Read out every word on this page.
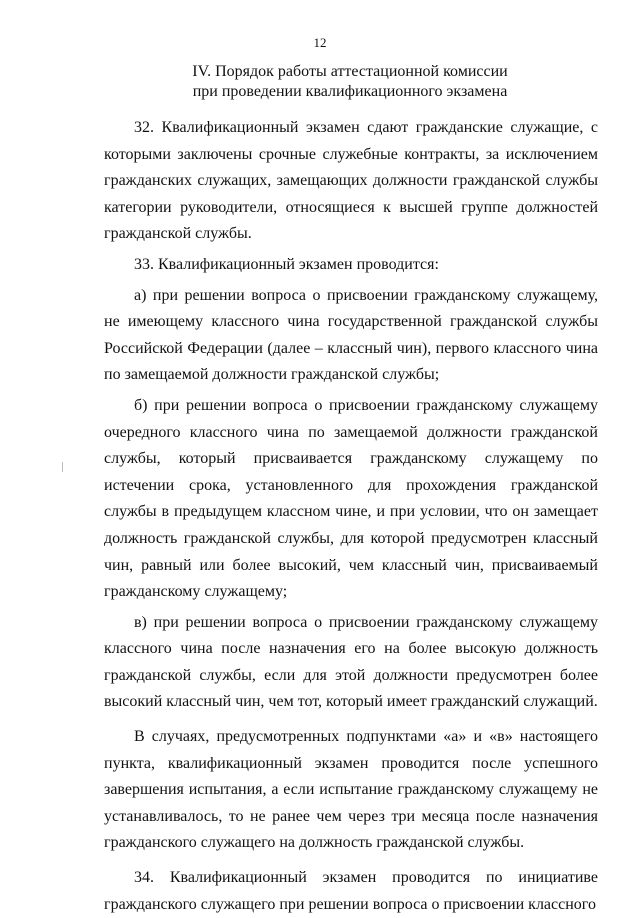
12
IV. Порядок работы аттестационной комиссии
при проведении квалификационного экзамена

32. Квалификационный экзамен сдают гражданские служащие, с которыми заключены срочные служебные контракты, за исключением гражданских служащих, замещающих должности гражданской службы категории руководители, относящиеся к высшей группе должностей гражданской службы.

33. Квалификационный экзамен проводится:

а) при решении вопроса о присвоении гражданскому служащему, не имеющему классного чина государственной гражданской службы Российской Федерации (далее – классный чин), первого классного чина по замещаемой должности гражданской службы;

б) при решении вопроса о присвоении гражданскому служащему очередного классного чина по замещаемой должности гражданской службы, который присваивается гражданскому служащему по истечении срока, установленного для прохождения гражданской службы в предыдущем классном чине, и при условии, что он замещает должность гражданской службы, для которой предусмотрен классный чин, равный или более высокий, чем классный чин, присваиваемый гражданскому служащему;

в) при решении вопроса о присвоении гражданскому служащему классного чина после назначения его на более высокую должность гражданской службы, если для этой должности предусмотрен более высокий классный чин, чем тот, который имеет гражданский служащий.

В случаях, предусмотренных подпунктами «а» и «в» настоящего пункта, квалификационный экзамен проводится после успешного завершения испытания, а если испытание гражданскому служащему не устанавливалось, то не ранее чем через три месяца после назначения гражданского служащего на должность гражданской службы.

34. Квалификационный экзамен проводится по инициативе гражданского служащего при решении вопроса о присвоении классного
